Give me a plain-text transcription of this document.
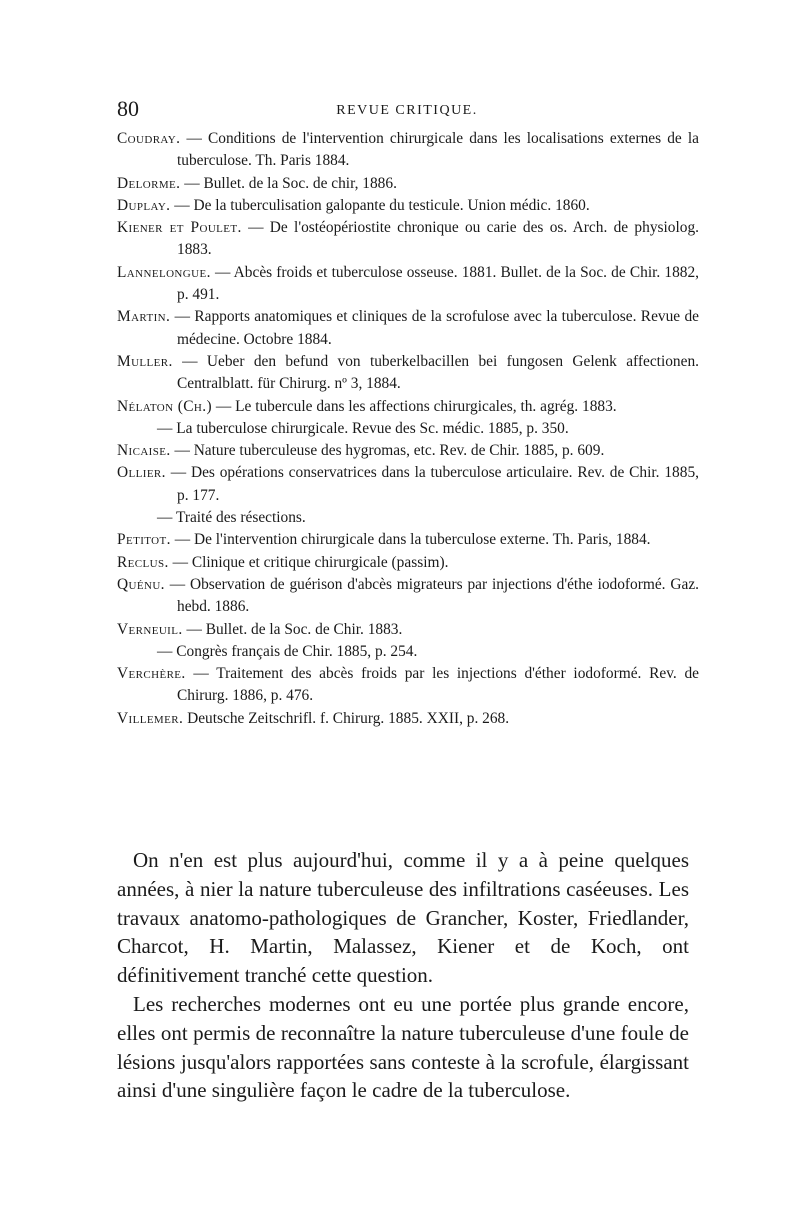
80	REVUE CRITIQUE.
Coudray. — Conditions de l'intervention chirurgicale dans les localisations externes de la tuberculose. Th. Paris 1884.
Delorme. — Bullet. de la Soc. de chir, 1886.
Duplay. — De la tuberculisation galopante du testicule. Union médic. 1860.
Kiener et Poulet. — De l'ostéopériostite chronique ou carie des os. Arch. de physiolog. 1883.
Lannelongue. — Abcès froids et tuberculose osseuse. 1881. Bullet. de la Soc. de Chir. 1882, p. 491.
Martin. — Rapports anatomiques et cliniques de la scrofulose avec la tuberculose. Revue de médecine. Octobre 1884.
Muller. — Ueber den befund von tuberkelbacillen bei fungosen Gelenk affectionen. Centralblatt. für Chirurg. nº 3, 1884.
Nélaton (Ch.) — Le tubercule dans les affections chirurgicales, th. agrég. 1883.
— La tuberculose chirurgicale. Revue des Sc. médic. 1885, p. 350.
Nicaise. — Nature tuberculeuse des hygromas, etc. Rev. de Chir. 1885, p. 609.
Ollier. — Des opérations conservatrices dans la tuberculose articulaire. Rev. de Chir. 1885, p. 177.
— Traité des résections.
Petitot. — De l'intervention chirurgicale dans la tuberculose externe. Th. Paris, 1884.
Reclus. — Clinique et critique chirurgicale (passim).
Quénu. — Observation de guérison d'abcès migrateurs par injections d'éthe iodoformé. Gaz. hebd. 1886.
Verneuil. — Bullet. de la Soc. de Chir. 1883.
— Congrès français de Chir. 1885, p. 254.
Verchère. — Traitement des abcès froids par les injections d'éther iodoformé. Rev. de Chirurg. 1886, p. 476.
Villemer. Deutsche Zeitschrifl. f. Chirurg. 1885. XXII, p. 268.

On n'en est plus aujourd'hui, comme il y a à peine quelques années, à nier la nature tuberculeuse des infiltrations caséeuses. Les travaux anatomo-pathologiques de Grancher, Koster, Friedlander, Charcot, H. Martin, Malassez, Kiener et de Koch, ont définitivement tranché cette question.

Les recherches modernes ont eu une portée plus grande encore, elles ont permis de reconnaître la nature tuberculeuse d'une foule de lésions jusqu'alors rapportées sans conteste à la scrofule, élargissant ainsi d'une singulière façon le cadre de la tuberculose.
